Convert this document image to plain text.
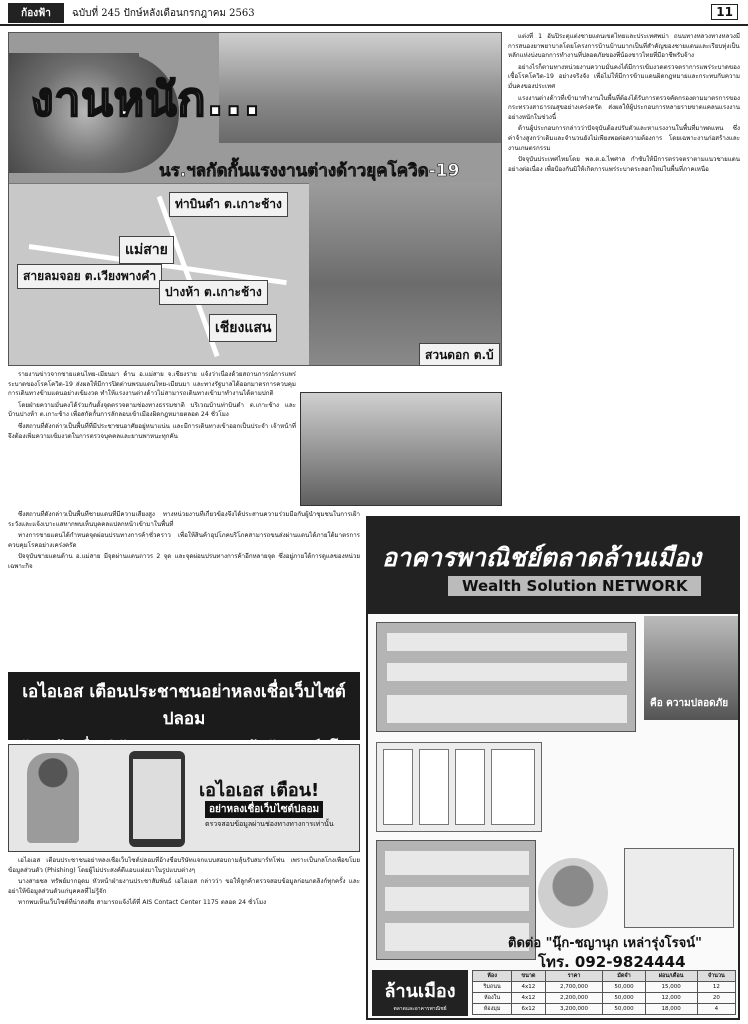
ก้องฟ้า	ฉบับที่ 245 ปักษ์หลังเดือนกรกฎาคม 2563	11
งานหนัก...
นร.ฯลกัดกั้นแรงงานต่างด้าวยุคโควิด-19
ท่าบินดำ ต.เกาะช้าง
แม่สาย
สายลมจอย ต.เวียงพางคำ
ปางห้า ต.เกาะช้าง
เชียงแสน
สวนดอก ต.บ้

แต่งที่ 1 อันปิระตุแต่งชายแดนเขตไทยและประเทศพม่า ถนนทางหลวงทางหลวงมีการสนองยาพยาบาลโดยโครงการบ้านบ้านมากเป็นที่สำคัญของชายแดนและเรียบทุ่งเป็นหลักแห่งบ่งบอกการทำงานที่ปลอดภัยของพี่น้องชาวไทยที่มีอาชีพรับจ้าง

อย่างไรก็ตามทางหน่วยงานความมั่นคงได้มีการเข้มงวดตรวจตราการแพร่ระบาดของเชื้อโรคโควิด-19 อย่างจริงจัง เพื่อไม่ให้มีการข้ามแดนผิดกฎหมายและกระทบกับความมั่นคงของประเทศ

แรงงานต่างด้าวที่เข้ามาทำงานในพื้นที่ต้องได้รับการตรวจคัดกรองตามมาตรการของกระทรวงสาธารณสุขอย่างเคร่งครัด ส่งผลให้ผู้ประกอบการหลายรายขาดแคลนแรงงานอย่างหนักในช่วงนี้

ด้านผู้ประกอบการกล่าวว่าปัจจุบันต้องปรับตัวและหาแรงงานในพื้นที่มาทดแทน ซึ่งค่าจ้างสูงกว่าเดิมและจำนวนยังไม่เพียงพอต่อความต้องการ โดยเฉพาะงานก่อสร้างและงานเกษตรกรรม

ปัจจุบันประเทศไทยโดย พล.ต.อ.ไพศาล กำชับให้มีการตรวจตราตามแนวชายแดนอย่างต่อเนื่อง เพื่อป้องกันมิให้เกิดการแพร่ระบาดระลอกใหม่ในพื้นที่ภาคเหนือ

รายงานข่าวจากชายแดนไทย-เมียนมา ด้าน อ.แม่สาย จ.เชียงราย แจ้งว่าเนื่องด้วยสถานการณ์การแพร่ระบาดของโรคโควิด-19 ส่งผลให้มีการปิดด่านพรมแดนไทย-เมียนมา และทางรัฐบาลได้ออกมาตรการควบคุมการเดินทางข้ามแดนอย่างเข้มงวด ทำให้แรงงานต่างด้าวไม่สามารถเดินทางเข้ามาทำงานได้ตามปกติ

โดยฝ่ายความมั่นคงได้ร่วมกันตั้งจุดตรวจตามช่องทางธรรมชาติ บริเวณบ้านท่าบินดำ ต.เกาะช้าง และบ้านปางห้า ต.เกาะช้าง เพื่อสกัดกั้นการลักลอบเข้าเมืองผิดกฎหมายตลอด 24 ชั่วโมง

ซึ่งสถานที่ดังกล่าวเป็นพื้นที่ที่มีประชาชนอาศัยอยู่หนาแน่น และมีการเดินทางเข้าออกเป็นประจำ เจ้าหน้าที่จึงต้องเพิ่มความเข้มงวดในการตรวจบุคคลและยานพาหนะทุกคัน

ซึ่งสถานที่ดังกล่าวเป็นพื้นที่ชายแดนที่มีความเสี่ยงสูง ทางหน่วยงานที่เกี่ยวข้องจึงได้ประสานความร่วมมือกับผู้นำชุมชนในการเฝ้าระวังและแจ้งเบาะแสหากพบเห็นบุคคลแปลกหน้าเข้ามาในพื้นที่

ทางการชายแดนได้กำหนดจุดผ่อนปรนทางการค้าชั่วคราว เพื่อให้สินค้าอุปโภคบริโภคสามารถขนส่งผ่านแดนได้ภายใต้มาตรการควบคุมโรคอย่างเคร่งครัด

ปัจจุบันชายแดนด้าน อ.แม่สาย มีจุดผ่านแดนถาวร 2 จุด และจุดผ่อนปรนทางการค้าอีกหลายจุด ซึ่งอยู่ภายใต้การดูแลของหน่วยเฉพาะกิจ

เอไอเอส เตือนประชาชนอย่าหลงเชื่อเว็บไซต์ปลอม
เอไอเอส เตือน!
อย่าหลงเชื่อเว็บไซต์ปลอม
ตรวจสอบข้อมูลผ่านช่องทางทางการเท่านั้น

เอไอเอส เตือนประชาชนอย่าหลงเชื่อเว็บไซต์ปลอมที่อ้างชื่อบริษัทแจกแบบสอบถามลุ้นรับสมาร์ทโฟน เพราะเป็นกลโกงเพื่อขโมยข้อมูลส่วนตัว (Phishing) โดยผู้ไม่ประสงค์ดีแอบแฝงมาในรูปแบบต่างๆ

นางสายชล ทรัพย์มากอุดม หัวหน้าฝ่ายงานประชาสัมพันธ์ เอไอเอส กล่าวว่า ขอให้ลูกค้าตรวจสอบข้อมูลก่อนกดลิงก์ทุกครั้ง และอย่าให้ข้อมูลส่วนตัวแก่บุคคลที่ไม่รู้จัก

หากพบเห็นเว็บไซต์ที่น่าสงสัย สามารถแจ้งได้ที่ AIS Contact Center 1175 ตลอด 24 ชั่วโมง

อาคารพาณิชย์ตลาดล้านเมือง
Wealth Solution NETWORK
คือ ความปลอดภัย
ติดต่อ "นุ๊ก-ชญานุก เหล่ารุ่งโรจน์"
โทร. 092-9824444
ล้านเมือง
ตลาดและอาคารพาณิชย์
ห้อง	ขนาด	ราคา	มัดจำ	ผ่อน/เดือน	จำนวน
ริมถนน	4x12	2,700,000	50,000	15,000	12
ห้องใน	4x12	2,200,000	50,000	12,000	20
ห้องมุม	6x12	3,200,000	50,000	18,000	4
